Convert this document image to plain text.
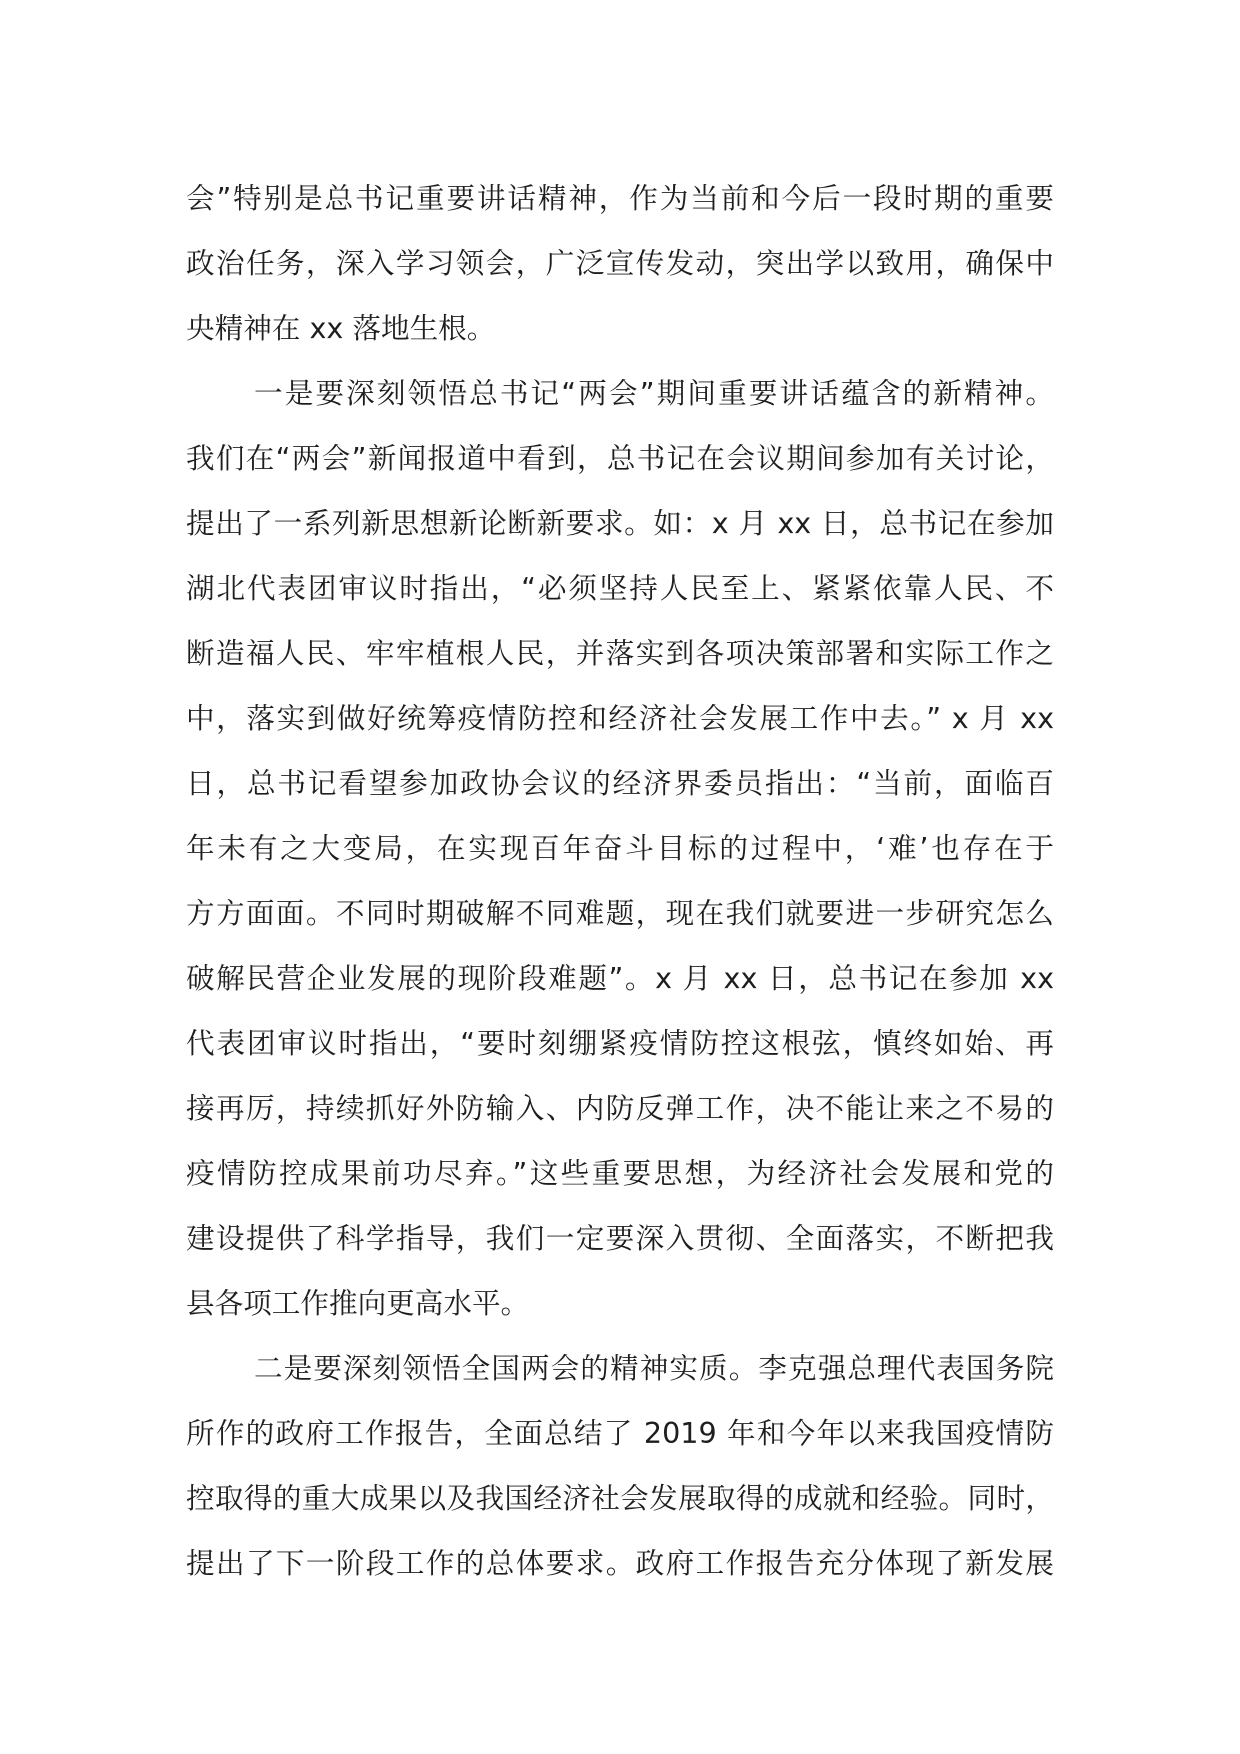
会”特别是总书记重要讲话精神，作为当前和今后一段时期的重要
政治任务，深入学习领会，广泛宣传发动，突出学以致用，确保中
央精神在 xx 落地生根。
一是要深刻领悟总书记“两会”期间重要讲话蕴含的新精神。
我们在“两会”新闻报道中看到，总书记在会议期间参加有关讨论，
提出了一系列新思想新论断新要求。如：x 月 xx 日，总书记在参加
湖北代表团审议时指出，“必须坚持人民至上、紧紧依靠人民、不
断造福人民、牢牢植根人民，并落实到各项决策部署和实际工作之
中，落实到做好统筹疫情防控和经济社会发展工作中去。” x 月 xx
日，总书记看望参加政协会议的经济界委员指出：“当前，面临百
年未有之大变局，在实现百年奋斗目标的过程中，‘难’也存在于
方方面面。不同时期破解不同难题，现在我们就要进一步研究怎么
破解民营企业发展的现阶段难题”。x 月 xx 日，总书记在参加 xx
代表团审议时指出，“要时刻绷紧疫情防控这根弦，慎终如始、再
接再厉，持续抓好外防输入、内防反弹工作，决不能让来之不易的
疫情防控成果前功尽弃。”这些重要思想，为经济社会发展和党的
建设提供了科学指导，我们一定要深入贯彻、全面落实，不断把我
县各项工作推向更高水平。
二是要深刻领悟全国两会的精神实质。李克强总理代表国务院
所作的政府工作报告，全面总结了 2019 年和今年以来我国疫情防
控取得的重大成果以及我国经济社会发展取得的成就和经验。同时，
提出了下一阶段工作的总体要求。政府工作报告充分体现了新发展
